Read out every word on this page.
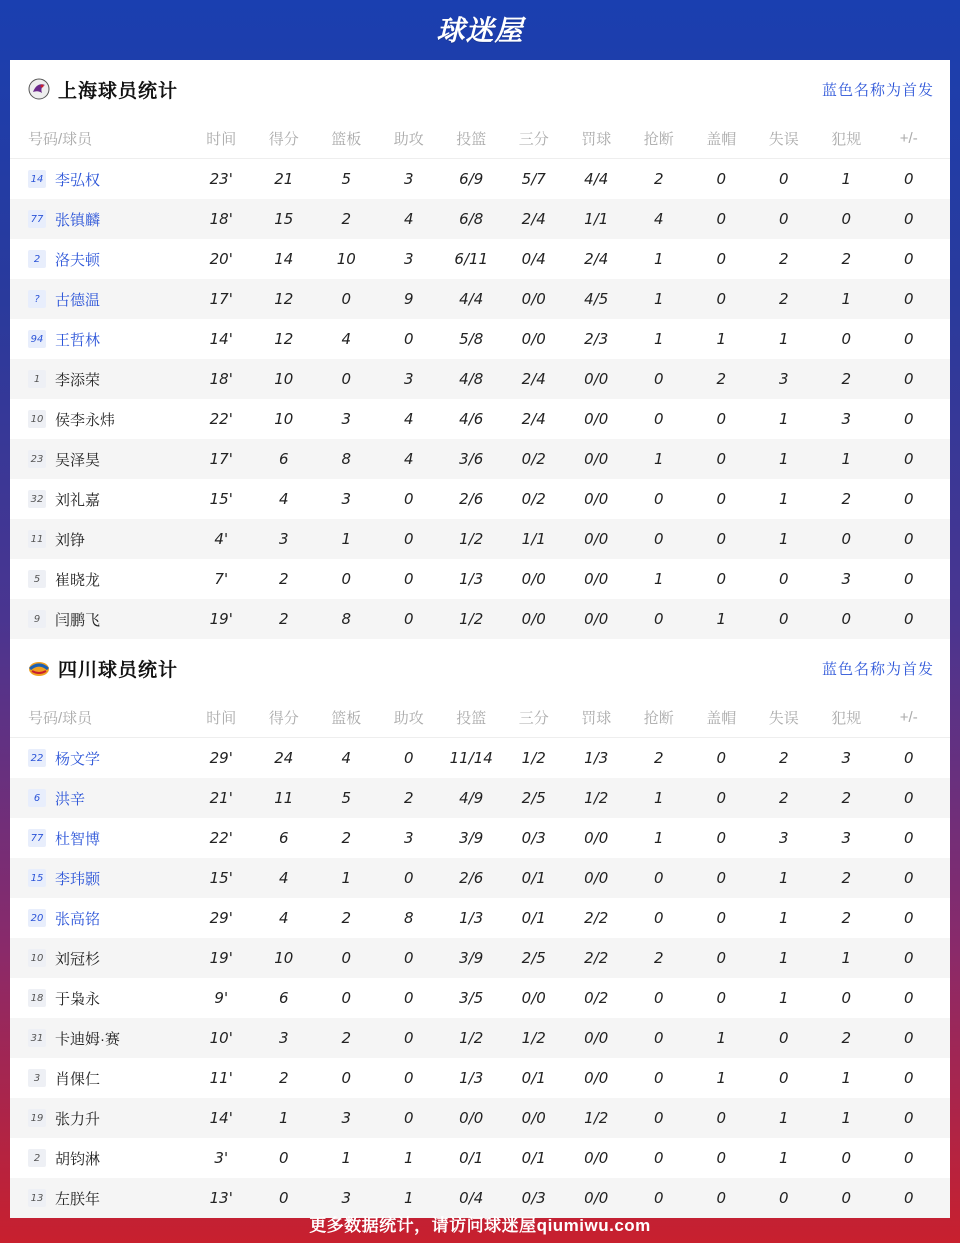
球迷屋
上海球员统计	蓝色名称为首发
号码/球员	时间	得分	篮板	助攻	投篮	三分	罚球	抢断	盖帽	失误	犯规	+/-
14 李弘权	23'	21	5	3	6/9	5/7	4/4	2	0	0	1	0
77 张镇麟	18'	15	2	4	6/8	2/4	1/1	4	0	0	0	0
2 洛夫顿	20'	14	10	3	6/11	0/4	2/4	1	0	2	2	0
?	古德温	17'	12	0	9	4/4	0/0	4/5	1	0	2	1	0
94 王哲林	14'	12	4	0	5/8	0/0	2/3	1	1	1	0	0
1 李添荣	18'	10	0	3	4/8	2/4	0/0	0	2	3	2	0
10 侯李永炜	22'	10	3	4	4/6	2/4	0/0	0	0	1	3	0
23 吴泽昊	17'	6	8	4	3/6	0/2	0/0	1	0	1	1	0
32 刘礼嘉	15'	4	3	0	2/6	0/2	0/0	0	0	1	2	0
11 刘铮	4'	3	1	0	1/2	1/1	0/0	0	0	1	0	0
5 崔晓龙	7'	2	0	0	1/3	0/0	0/0	1	0	0	3	0
9 闫鹏飞	19'	2	8	0	1/2	0/0	0/0	0	1	0	0	0
四川球员统计	蓝色名称为首发
号码/球员	时间	得分	篮板	助攻	投篮	三分	罚球	抢断	盖帽	失误	犯规	+/-
22 杨文学	29'	24	4	0	11/14	1/2	1/3	2	0	2	3	0
6 洪辛	21'	11	5	2	4/9	2/5	1/2	1	0	2	2	0
77 杜智博	22'	6	2	3	3/9	0/3	0/0	1	0	3	3	0
15 李玮颢	15'	4	1	0	2/6	0/1	0/0	0	0	1	2	0
20 张高铭	29'	4	2	8	1/3	0/1	2/2	0	0	1	2	0
10 刘冠杉	19'	10	0	0	3/9	2/5	2/2	2	0	1	1	0
18 于枭永	9'	6	0	0	3/5	0/0	0/2	0	0	1	0	0
31 卡迪姆·赛	10'	3	2	0	1/2	1/2	0/0	0	1	0	2	0
3 肖倮仁	11'	2	0	0	1/3	0/1	0/0	0	1	0	1	0
19 张力升	14'	1	3	0	0/0	0/0	1/2	0	0	1	1	0
2 胡钧淋	3'	0	1	1	0/1	0/1	0/0	0	0	1	0	0
13 左朕年	13'	0	3	1	0/4	0/3	0/0	0	0	0	0	0
更多数据统计，请访问球迷屋qiumiwu.com
